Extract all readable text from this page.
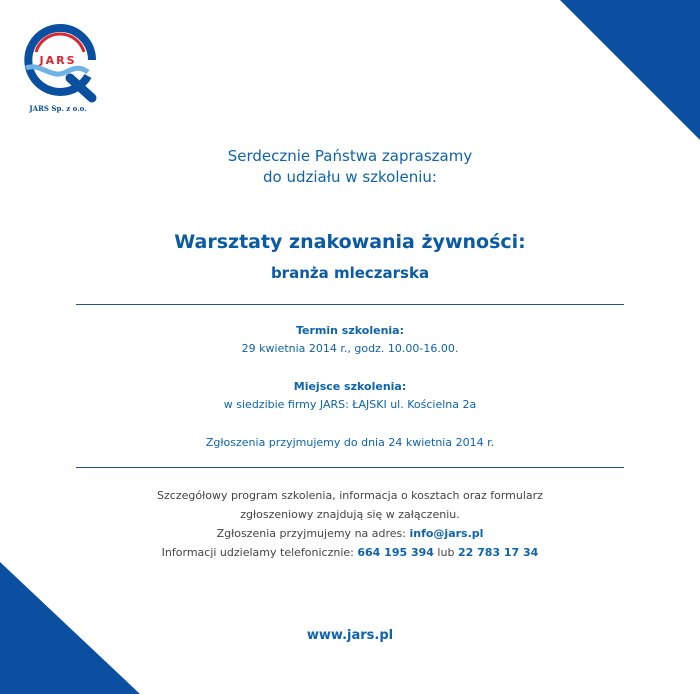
JARS
JARS Sp. z o.o.
Serdecznie Państwa zapraszamy
do udziału w szkoleniu:
Warsztaty znakowania żywności:
branża mleczarska
Termin szkolenia:
29 kwietnia 2014 r., godz. 10.00-16.00.
Miejsce szkolenia:
w siedzibie firmy JARS: ŁAJSKI ul. Kościelna 2a
Zgłoszenia przyjmujemy do dnia 24 kwietnia 2014 r.
Szczegółowy program szkolenia, informacja o kosztach oraz formularz
zgłoszeniowy znajdują się w załączeniu.
Zgłoszenia przyjmujemy na adres: info@jars.pl
Informacji udzielamy telefonicznie: 664 195 394 lub 22 783 17 34
www.jars.pl
